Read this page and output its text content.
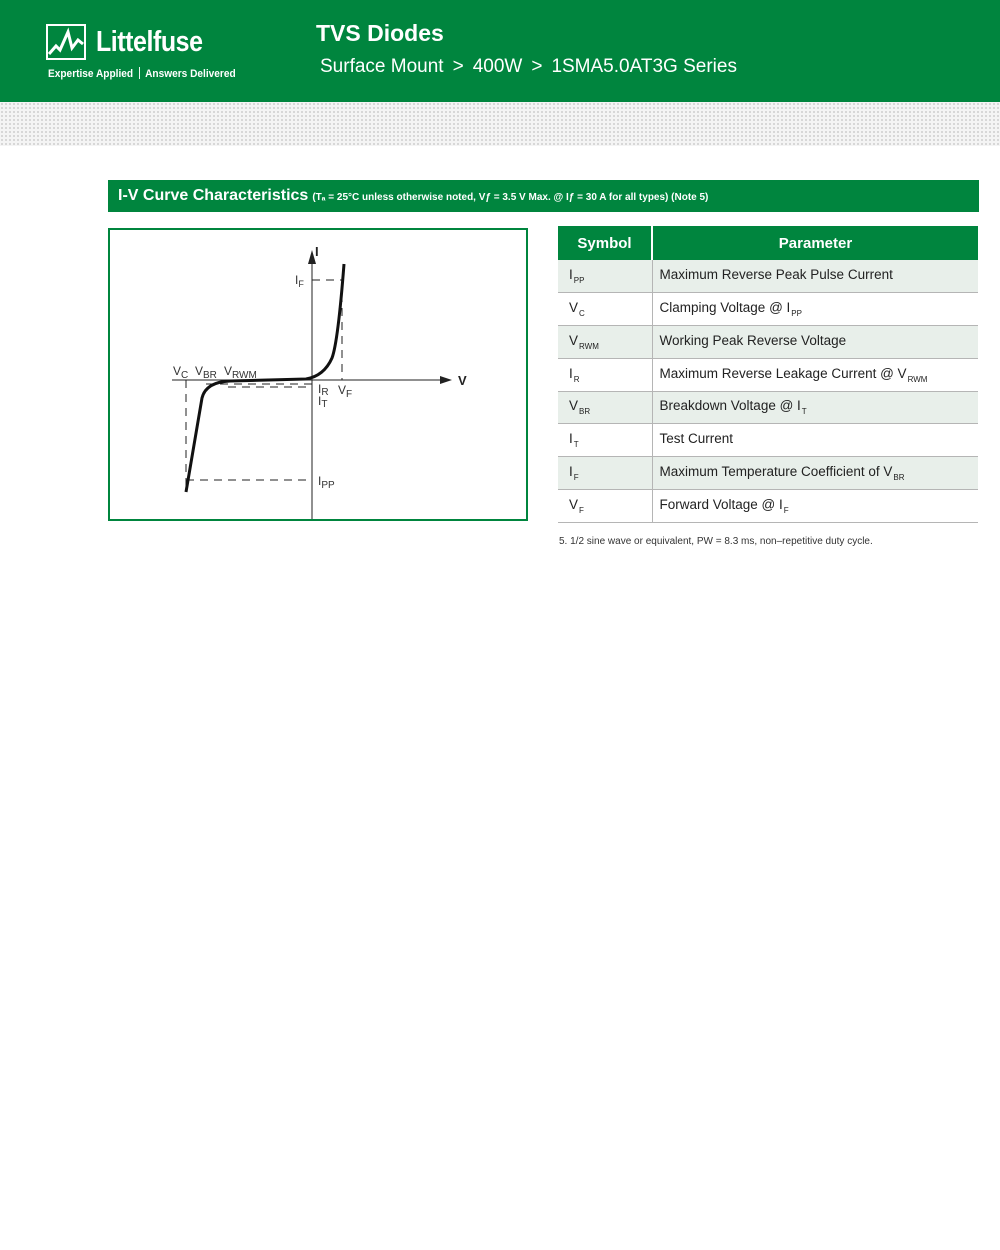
Littelfuse
Expertise Applied Answers Delivered
TVS Diodes
Surface Mount > 400W > 1SMA5.0AT3G Series
I-V Curve Characteristics (Tₐ = 25°C unless otherwise noted, Vƒ = 3.5 V Max. @ Iƒ = 30 A for all types) (Note 5)
I
V
$I_F$
$V_C$ $V_{BR}$ $V_{RWM}$
IR
IT
$V_F$
$I_{PP}$
Symbol	Parameter
$I_{PP}$	Maximum Reverse Peak Pulse Current
$V_C$	Clamping Voltage @ $I_{PP}$
$V_{RWM}$	Working Peak Reverse Voltage
$I_R$	Maximum Reverse Leakage Current @ $V_{RWM}$
$V_{BR}$	Breakdown Voltage @ $I_T$
$I_T$	Test Current
$I_F$	Maximum Temperature Coefficient of $V_{BR}$
$V_F$	Forward Voltage @ $I_F$
5. 1/2 sine wave or equivalent, PW = 8.3 ms, non–repetitive duty cycle.
